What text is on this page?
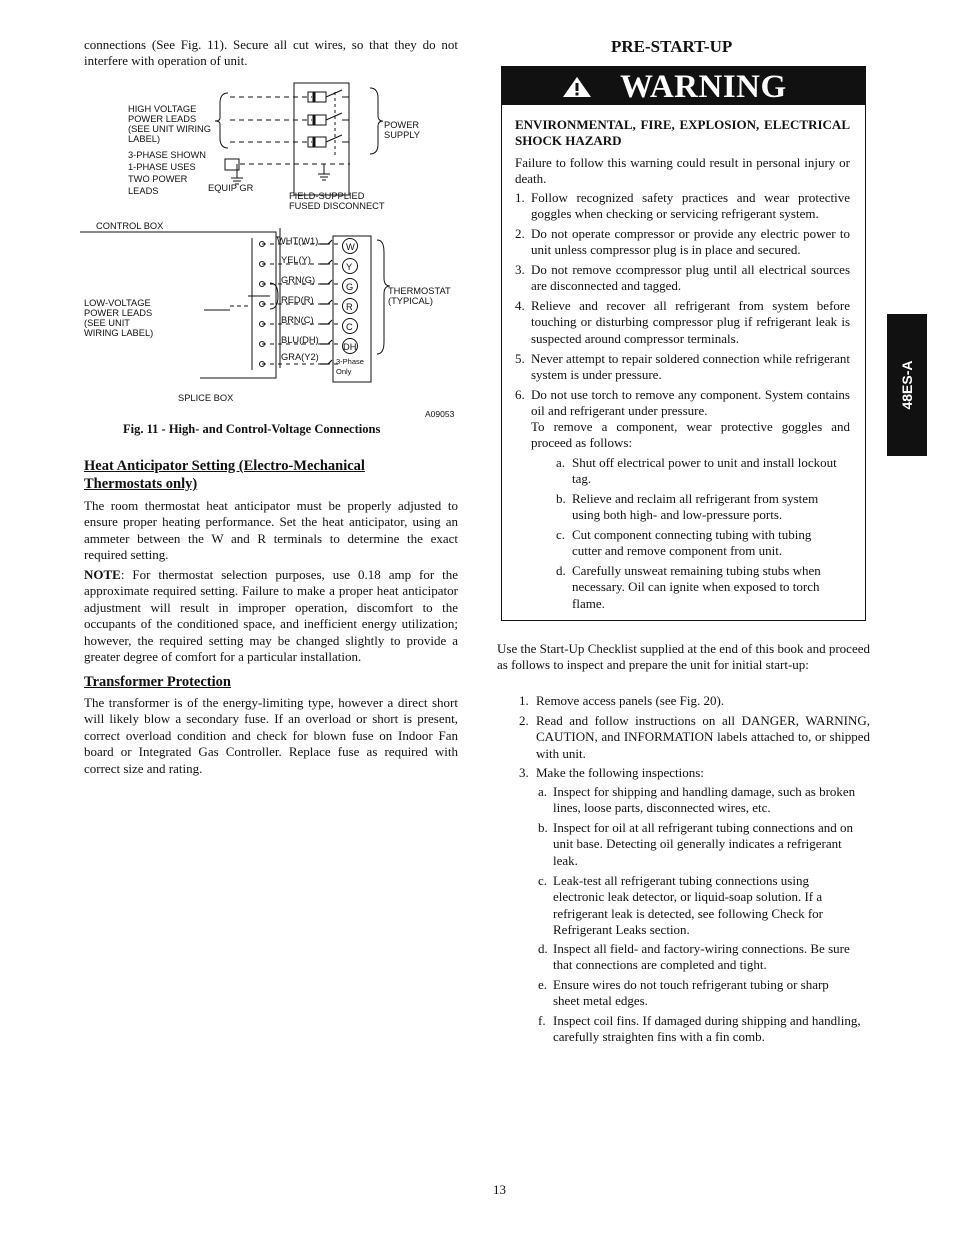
connections (See Fig. 11). Secure all cut wires, so that they do not interfere with operation of unit.

HIGH VOLTAGE
POWER LEADS
(SEE UNIT WIRING
LABEL)
3-PHASE SHOWN
1-PHASE USES
TWO POWER
LEADS	EQUIP GR
POWER
SUPPLY
FIELD-SUPPLIED
FUSED DISCONNECT
CONTROL BOX
LOW-VOLTAGE
POWER LEADS
(SEE UNIT
WIRING LABEL)
WHT(W1)
YEL(Y)
GRN(G)
RED(R)
BRN(C)
BLU(DH)
GRA(Y2)
W
Y
G
R
C
DH
3-Phase
Only
THERMOSTAT
(TYPICAL)
SPLICE BOX
A09053
Fig. 11 - High- and Control-Voltage Connections
Heat Anticipator Setting (Electro-Mechanical Thermostats only)

The room thermostat heat anticipator must be properly adjusted to ensure proper heating performance. Set the heat anticipator, using an ammeter between the W and R terminals to determine the exact required setting.

NOTE: For thermostat selection purposes, use 0.18 amp for the approximate required setting. Failure to make a proper heat anticipator adjustment will result in improper operation, discomfort to the occupants of the conditioned space, and inefficient energy utilization; however, the required setting may be changed slightly to provide a greater degree of comfort for a particular installation.

Transformer Protection

The transformer is of the energy-limiting type, however a direct short will likely blow a secondary fuse. If an overload or short is present, correct overload condition and check for blown fuse on Indoor Fan board or Integrated Gas Controller. Replace fuse as required with correct size and rating.

PRE-START-UP
WARNING
ENVIRONMENTAL, FIRE, EXPLOSION, ELECTRICAL SHOCK HAZARD
Failure to follow this warning could result in personal injury or death.
1. Follow recognized safety practices and wear protective goggles when checking or servicing refrigerant system.
2. Do not operate compressor or provide any electric power to unit unless compressor plug is in place and secured.
3. Do not remove ccompressor plug until all electrical sources are disconnected and tagged.
4. Relieve and recover all refrigerant from system before touching or disturbing compressor plug if refrigerant leak is suspected around compressor terminals.
5. Never attempt to repair soldered connection while refrigerant system is under pressure.
6. Do not use torch to remove any component. System contains oil and refrigerant under pressure.
To remove a component, wear protective goggles and proceed as follows:
a. Shut off electrical power to unit and install lockout tag.
b. Relieve and reclaim all refrigerant from system using both high- and low-pressure ports.
c. Cut component connecting tubing with tubing cutter and remove component from unit.
d. Carefully unsweat remaining tubing stubs when necessary. Oil can ignite when exposed to torch flame.

Use the Start-Up Checklist supplied at the end of this book and proceed as follows to inspect and prepare the unit for initial start-up:

1. Remove access panels (see Fig. 20).
2. Read and follow instructions on all DANGER, WARNING, CAUTION, and INFORMATION labels attached to, or shipped with unit.
3. Make the following inspections:
a. Inspect for shipping and handling damage, such as broken lines, loose parts, disconnected wires, etc.
b. Inspect for oil at all refrigerant tubing connections and on unit base. Detecting oil generally indicates a refrigerant leak.
c. Leak-test all refrigerant tubing connections using electronic leak detector, or liquid-soap solution. If a refrigerant leak is detected, see following Check for Refrigerant Leaks section.
d. Inspect all field- and factory-wiring connections. Be sure that connections are completed and tight.
e. Ensure wires do not touch refrigerant tubing or sharp sheet metal edges.
f. Inspect coil fins. If damaged during shipping and handling, carefully straighten fins with a fin comb.
48ES-A
13
